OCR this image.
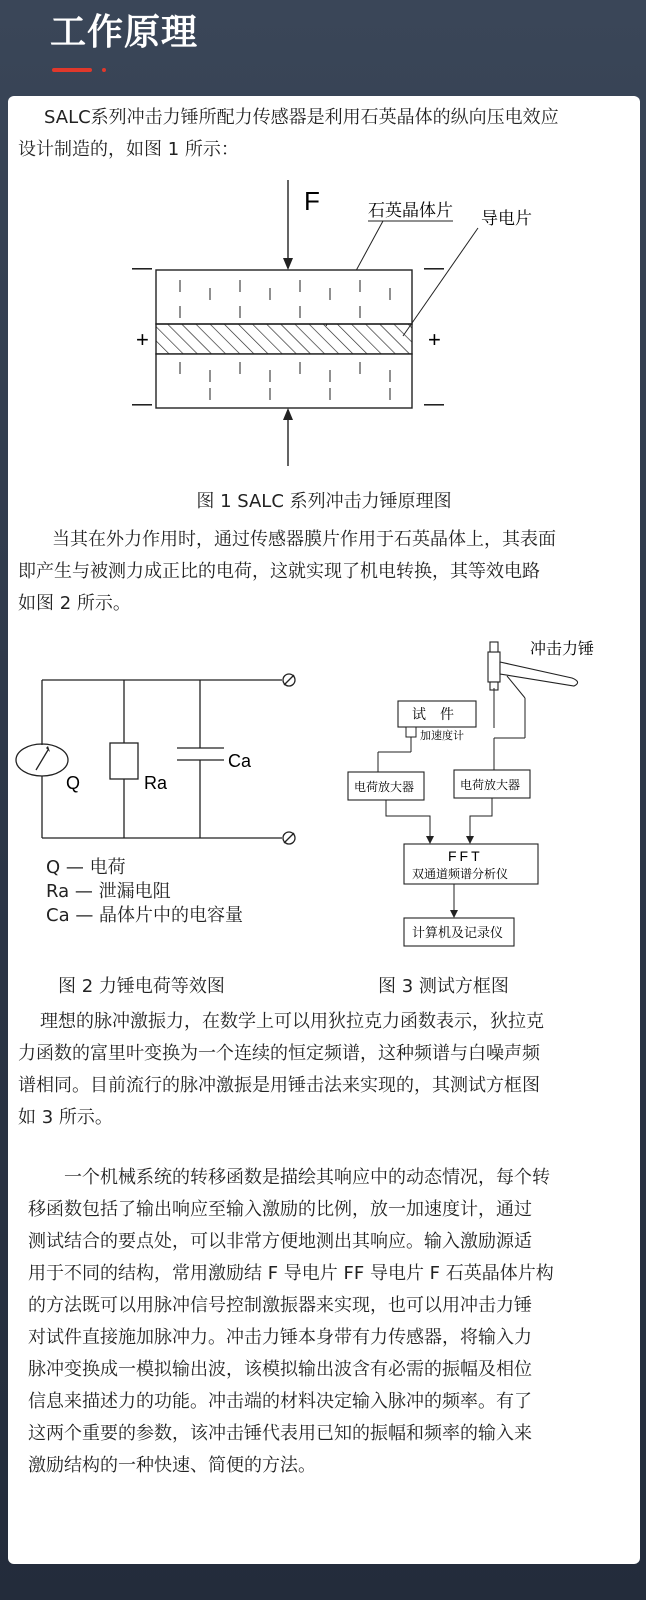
工作原理
SALC系列冲击力锤所配力传感器是利用石英晶体的纵向压电效应
设计制造的，如图 1 所示：
F	石英晶体片 导电片
—	—
+	+
—	—
图 1 SALC 系列冲击力锤原理图
当其在外力作用时，通过传感器膜片作用于石英晶体上，其表面
即产生与被测力成正比的电荷，这就实现了机电转换，其等效电路
如图 2 所示。
Q	Ra
Ca
Q — 电荷
Ra — 泄漏电阻
Ca — 晶体片中的电容量
冲击力锤
试　件
加速度计
电荷放大器	电荷放大器
FFT
双通道频谱分析仪
计算机及记录仪
图 2 力锤电荷等效图	图 3 测试方框图
理想的脉冲激振力，在数学上可以用狄拉克力函数表示，狄拉克
力函数的富里叶变换为一个连续的恒定频谱，这种频谱与白噪声频
谱相同。目前流行的脉冲激振是用锤击法来实现的，其测试方框图
如 3 所示。
一个机械系统的转移函数是描绘其响应中的动态情况，每个转
移函数包括了输出响应至输入激励的比例，放一加速度计，通过
测试结合的要点处，可以非常方便地测出其响应。输入激励源适
用于不同的结构，常用激励结 F 导电片 FF 导电片 F 石英晶体片构
的方法既可以用脉冲信号控制激振器来实现，也可以用冲击力锤
对试件直接施加脉冲力。冲击力锤本身带有力传感器，将输入力
脉冲变换成一模拟输出波，该模拟输出波含有必需的振幅及相位
信息来描述力的功能。冲击端的材料决定输入脉冲的频率。有了
这两个重要的参数，该冲击锤代表用已知的振幅和频率的输入来
激励结构的一种快速、简便的方法。
